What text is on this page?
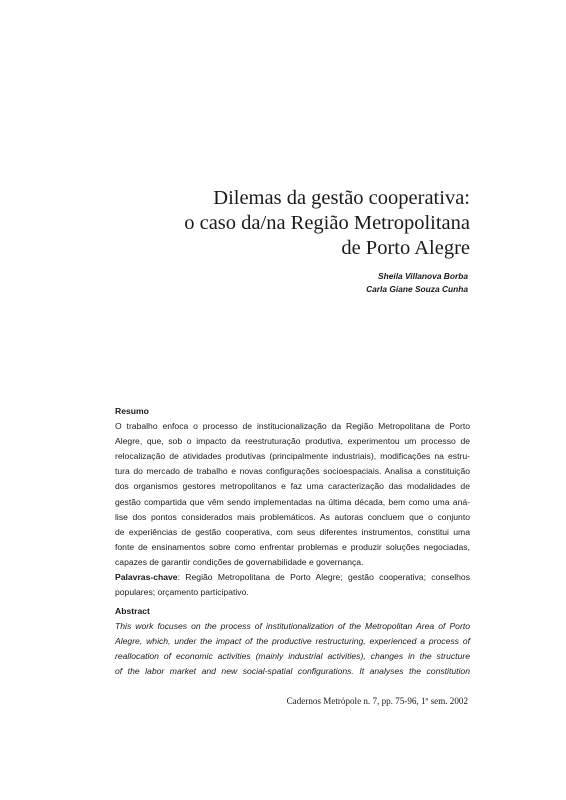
Dilemas da gestão cooperativa:
o caso da/na Região Metropolitana
de Porto Alegre
Sheila Villanova Borba
Carla Giane Souza Cunha
Resumo
O trabalho enfoca o processo de institucionalização da Região Metropolitana de Porto
Alegre, que, sob o impacto da reestruturação produtiva, experimentou um processo de
relocalização de atividades produtivas (principalmente industriais), modificações na estru-
tura do mercado de trabalho e novas configurações socioespaciais. Analisa a constituição
dos organismos gestores metropolitanos e faz uma caracterização das modalidades de
gestão compartida que vêm sendo implementadas na última década, bem como uma aná-
lise dos pontos considerados mais problemáticos. As autoras concluem que o conjunto
de experiências de gestão cooperativa, com seus diferentes instrumentos, constitui uma
fonte de ensinamentos sobre como enfrentar problemas e produzir soluções negociadas,
capazes de garantir condições de governabilidade e governança.
Palavras-chave: Região Metropolitana de Porto Alegre; gestão cooperativa; conselhos
populares; orçamento participativo.
Abstract
This work focuses on the process of institutionalization of the Metropolitan Area of Porto
Alegre, which, under the impact of the productive restructuring, experienced a process of
reallocation of economic activities (mainly industrial activities), changes in the structure
of the labor market and new social-spatial configurations. It analyses the constitution
Cadernos Metrópole n. 7, pp. 75-96, 1º sem. 2002
